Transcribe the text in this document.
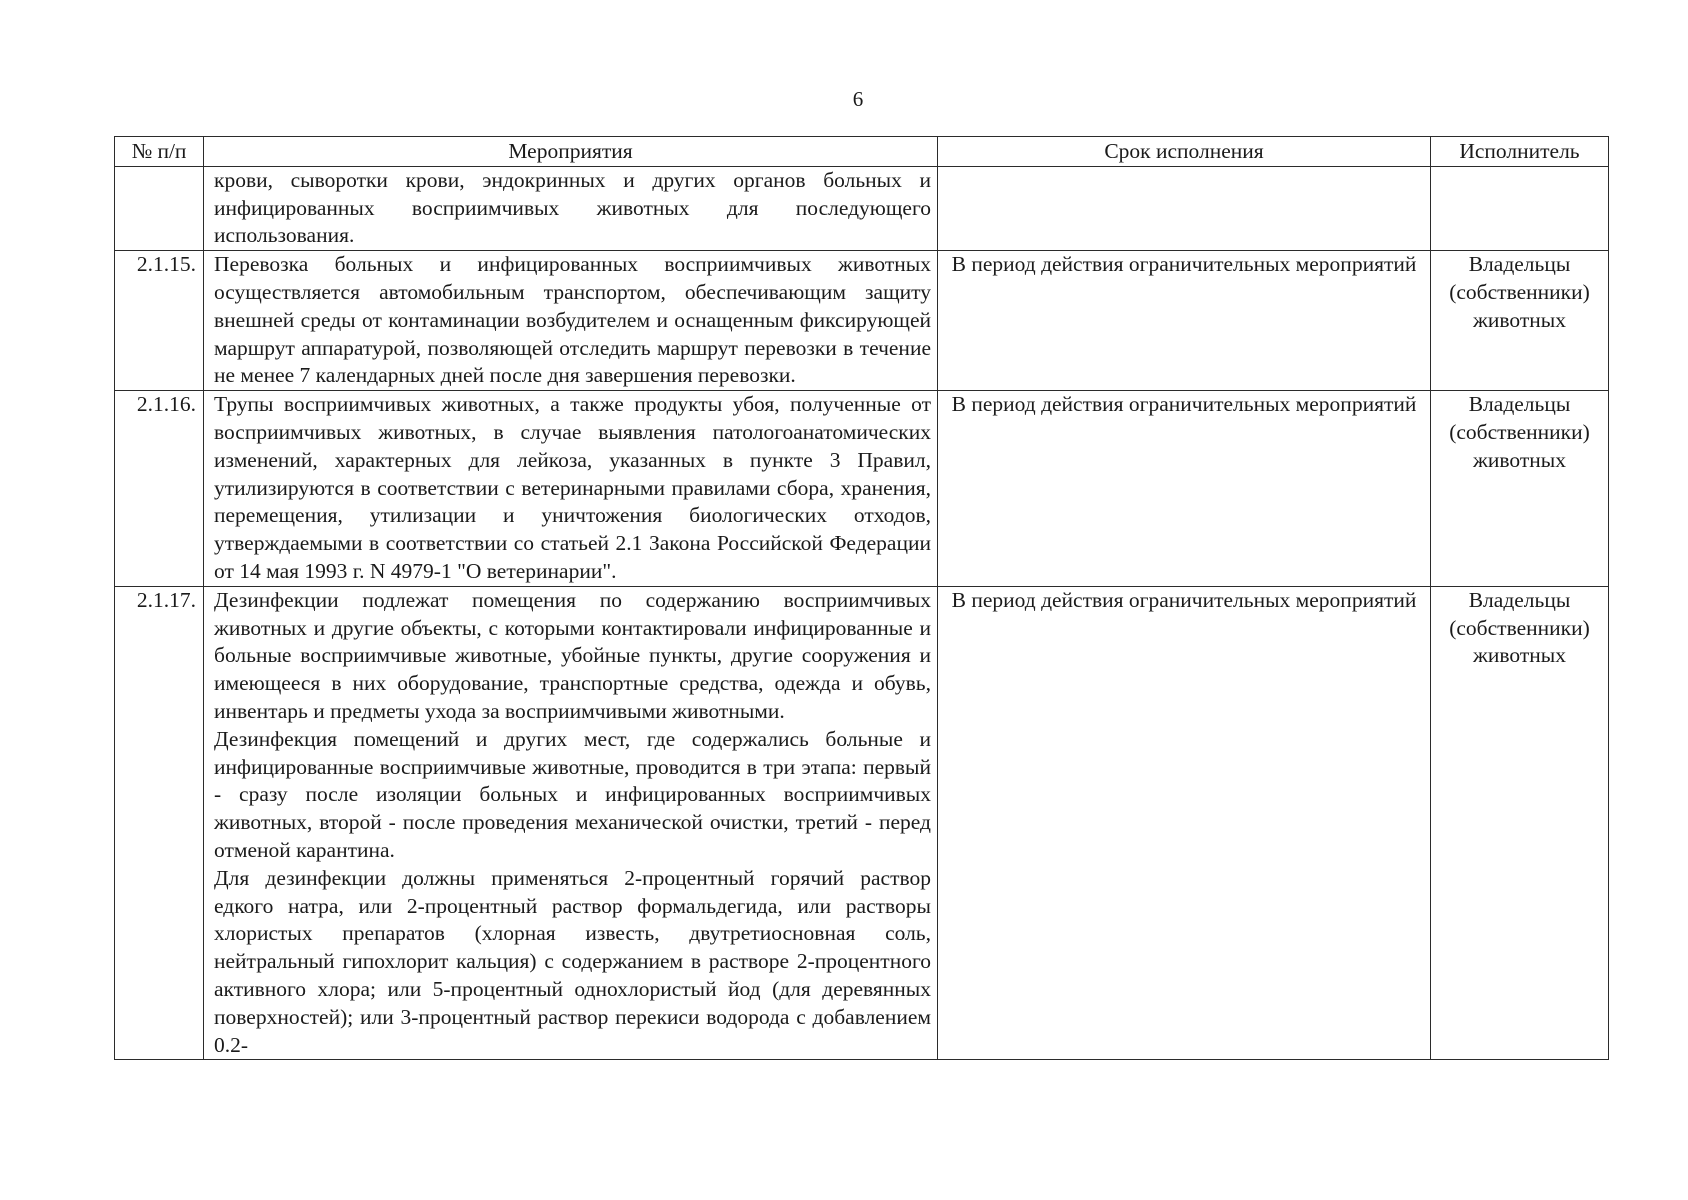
6
№ п/п	Мероприятия	Срок исполнения	Исполнитель

	крови, сыворотки крови, эндокринных и других органов больных и инфицированных восприимчивых животных для последующего использования.		

2.1.15.	Перевозка больных и инфицированных восприимчивых животных осуществляется автомобильным транспортом, обеспечивающим защиту внешней среды от контаминации возбудителем и оснащенным фиксирующей маршрут аппаратурой, позволяющей отследить маршрут перевозки в течение не менее 7 календарных дней после дня завершения перевозки.	В период действия ограничительных мероприятий	Владельцы (собственники) животных
2.1.16.	Трупы восприимчивых животных, а также продукты убоя, полученные от восприимчивых животных, в случае выявления патологоанатомических изменений, характерных для лейкоза, указанных в пункте 3 Правил, утилизируются в соответствии с ветеринарными правилами сбора, хранения, перемещения, утилизации и уничтожения биологических отходов, утверждаемыми в соответствии со статьей 2.1 Закона Российской Федерации от 14 мая 1993 г. N 4979-1 "О ветеринарии".	В период действия ограничительных мероприятий	Владельцы (собственники) животных
2.1.17.	Дезинфекции подлежат помещения по содержанию восприимчивых животных и другие объекты, с которыми контактировали инфицированные и больные восприимчивые животные, убойные пункты, другие сооружения и имеющееся в них оборудование, транспортные средства, одежда и обувь, инвентарь и предметы ухода за восприимчивыми животными.

Дезинфекция помещений и других мест, где содержались больные и инфицированные восприимчивые животные, проводится в три этапа: первый - сразу после изоляции больных и инфицированных восприимчивых животных, второй - после проведения механической очистки, третий - перед отменой карантина.

Для дезинфекции должны применяться 2-процентный горячий раствор едкого натра, или 2-процентный раствор формальдегида, или растворы хлористых препаратов (хлорная известь, двутретиосновная соль, нейтральный гипохлорит кальция) с содержанием в растворе 2-процентного активного хлора; или 5-процентный однохлористый йод (для деревянных поверхностей); или 3-процентный раствор перекиси водорода с добавлением 0.2-	В период действия ограничительных мероприятий	Владельцы (собственники) животных
